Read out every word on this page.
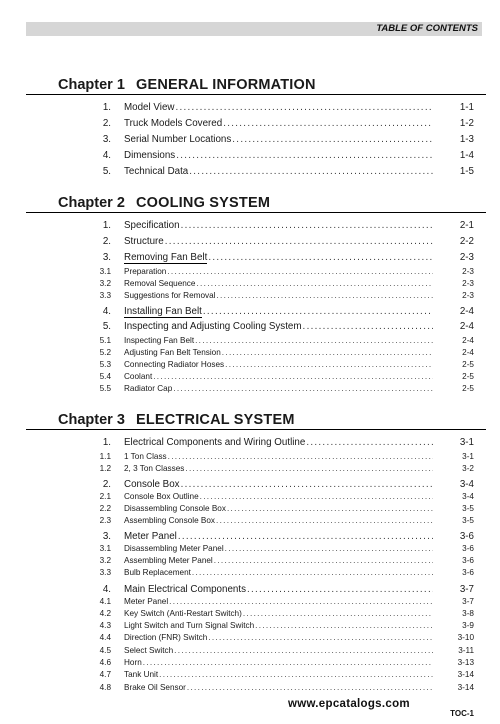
TABLE OF CONTENTS
Chapter 1 GENERAL INFORMATION
Chapter 2 COOLING SYSTEM
Chapter 3 ELECTRICAL SYSTEM
1.	Model View .....	1-1
2.	Truck Models Covered .....	1-2
3.	Serial Number Locations .....	1-3
4.	Dimensions .....	1-4
5.	Technical Data .....	1-5
1.	Specification .....	2-1
2.	Structure .....	2-2
3.	Removing Fan Belt .....	2-3
3.1	Preparation .....	2-3
3.2	Removal Sequence .....	2-3
3.3	Suggestions for Removal .....	2-3
4.	Installing Fan Belt .....	2-4
5.	Inspecting and Adjusting Cooling System .....	2-4
5.1	Inspecting Fan Belt .....	2-4
5.2	Adjusting Fan Belt Tension .....	2-4
5.3	Connecting Radiator Hoses .....	2-5
5.4	Coolant .....	2-5
5.5	Radiator Cap .....	2-5
1.	Electrical Components and Wiring Outline .....	3-1
1.1	1 Ton Class .....	3-1
1.2	2, 3 Ton Classes .....	3-2
2.	Console Box .....	3-4
2.1	Console Box Outline .....	3-4
2.2	Disassembling Console Box .....	3-5
2.3	Assembling Console Box .....	3-5
3.	Meter Panel .....	3-6
3.1	Disassembling Meter Panel .....	3-6
3.2	Assembling Meter Panel .....	3-6
3.3	Bulb Replacement .....	3-6
4.	Main Electrical Components .....	3-7
4.1	Meter Panel .....	3-7
4.2	Key Switch (Anti-Restart Switch) .....	3-8
4.3	Light Switch and Turn Signal Switch .....	3-9
4.4	Direction (FNR) Switch .....	3-10
4.5	Select Switch .....	3-11
4.6	Horn .....	3-13
4.7	Tank Unit .....	3-14
4.8	Brake Oil Sensor .....	3-14
www.epcatalogs.com
TOC-1
